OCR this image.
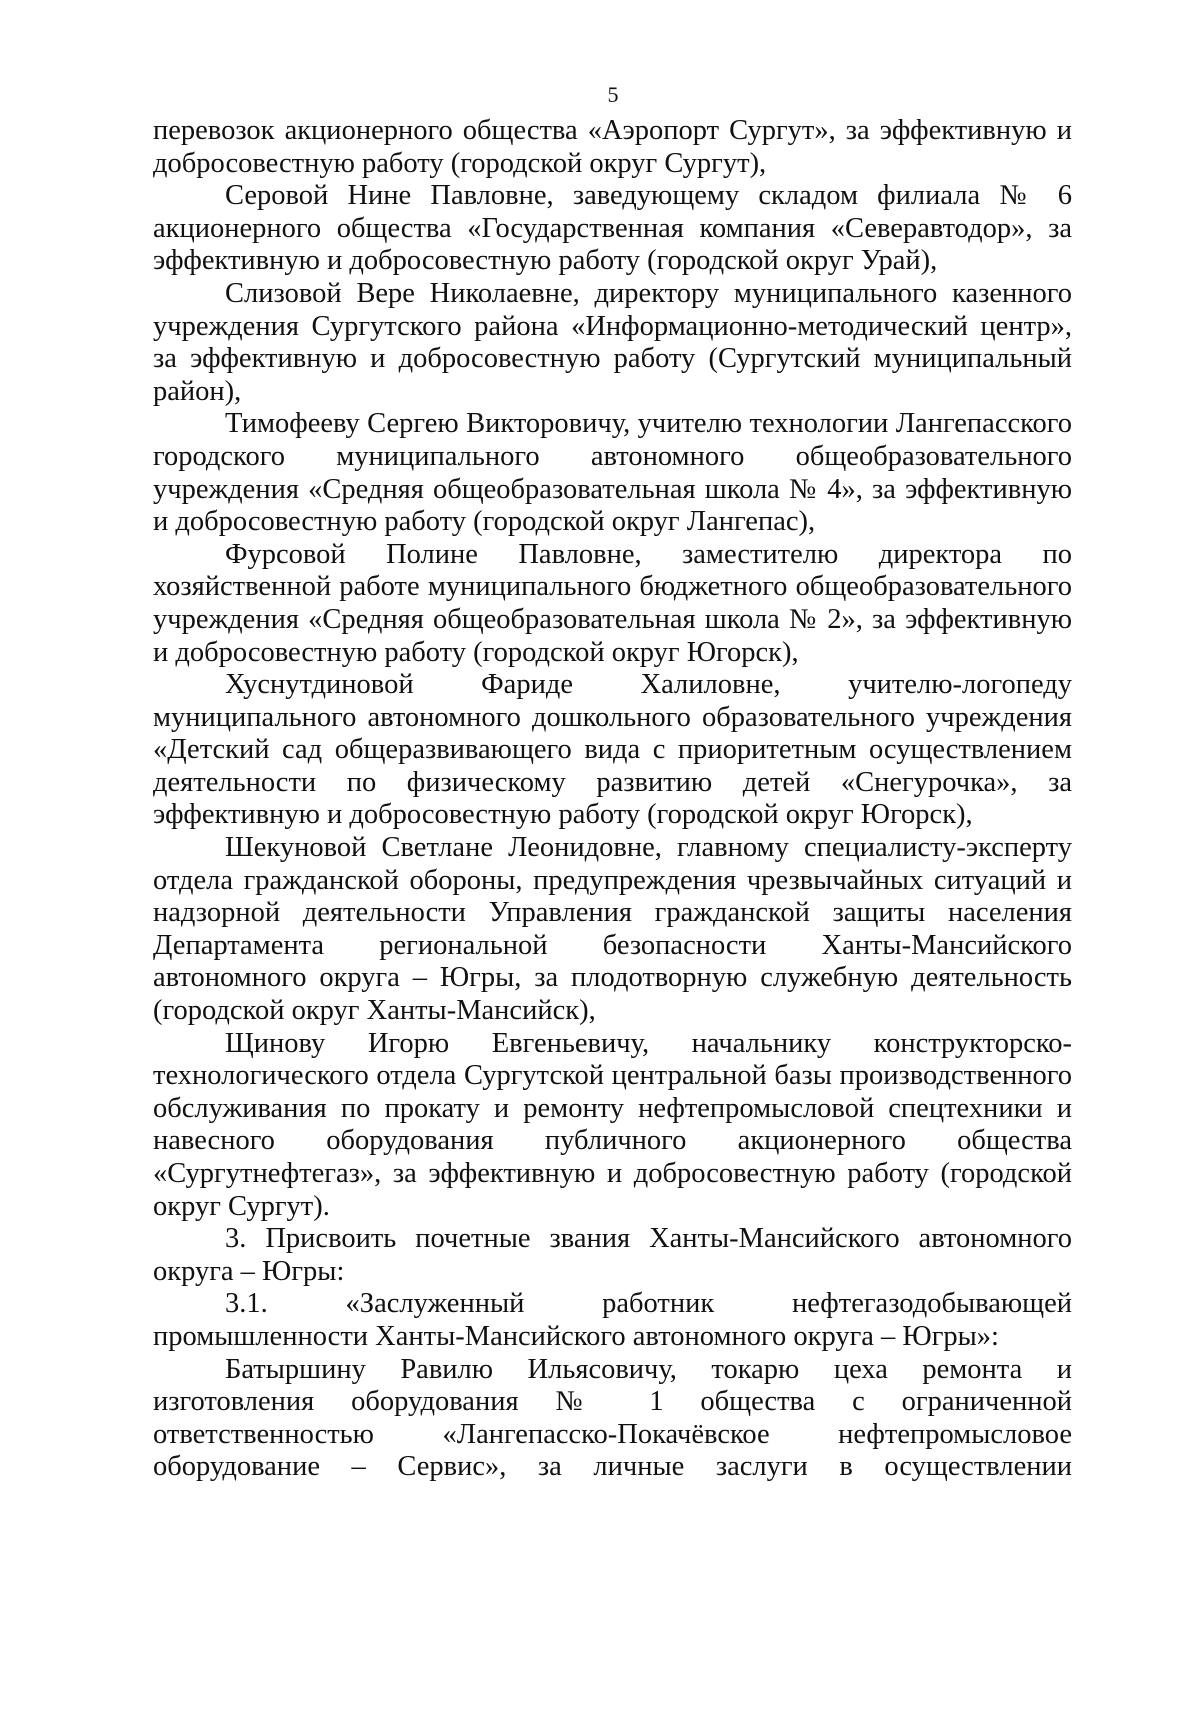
5

перевозок акционерного общества «Аэропорт Сургут», за эффективную и добросовестную работу (городской округ Сургут),

Серовой Нине Павловне, заведующему складом филиала № 6 акционерного общества «Государственная компания «Северавтодор», за эффективную и добросовестную работу (городской округ Урай),

Слизовой Вере Николаевне, директору муниципального казенного учреждения Сургутского района «Информационно-методический центр», за эффективную и добросовестную работу (Сургутский муниципальный район),

Тимофееву Сергею Викторовичу, учителю технологии Лангепасского городского муниципального автономного общеобразовательного учреждения «Средняя общеобразовательная школа № 4», за эффективную и добросовестную работу (городской округ Лангепас),

Фурсовой Полине Павловне, заместителю директора по хозяйственной работе муниципального бюджетного общеобразовательного учреждения «Средняя общеобразовательная школа № 2», за эффективную и добросовестную работу (городской округ Югорск),

Хуснутдиновой Фариде Халиловне, учителю-логопеду муниципального автономного дошкольного образовательного учреждения «Детский сад общеразвивающего вида с приоритетным осуществлением деятельности по физическому развитию детей «Снегурочка», за эффективную и добросовестную работу (городской округ Югорск),

Шекуновой Светлане Леонидовне, главному специалисту-эксперту отдела гражданской обороны, предупреждения чрезвычайных ситуаций и надзорной деятельности Управления гражданской защиты населения Департамента региональной безопасности Ханты-Мансийского автономного округа – Югры, за плодотворную служебную деятельность (городской округ Ханты-Мансийск),

Щинову Игорю Евгеньевичу, начальнику конструкторско-технологического отдела Сургутской центральной базы производственного обслуживания по прокату и ремонту нефтепромысловой спецтехники и навесного оборудования публичного акционерного общества «Сургутнефтегаз», за эффективную и добросовестную работу (городской округ Сургут).

3. Присвоить почетные звания Ханты-Мансийского автономного округа – Югры:

3.1. «Заслуженный работник нефтегазодобывающей промышленности Ханты-Мансийского автономного округа – Югры»:

Батыршину Равилю Ильясовичу, токарю цеха ремонта и изготовления оборудования № 1 общества с ограниченной ответственностью «Лангепасско-Покачёвское нефтепромысловое оборудование – Сервис», за личные заслуги в осуществлении
